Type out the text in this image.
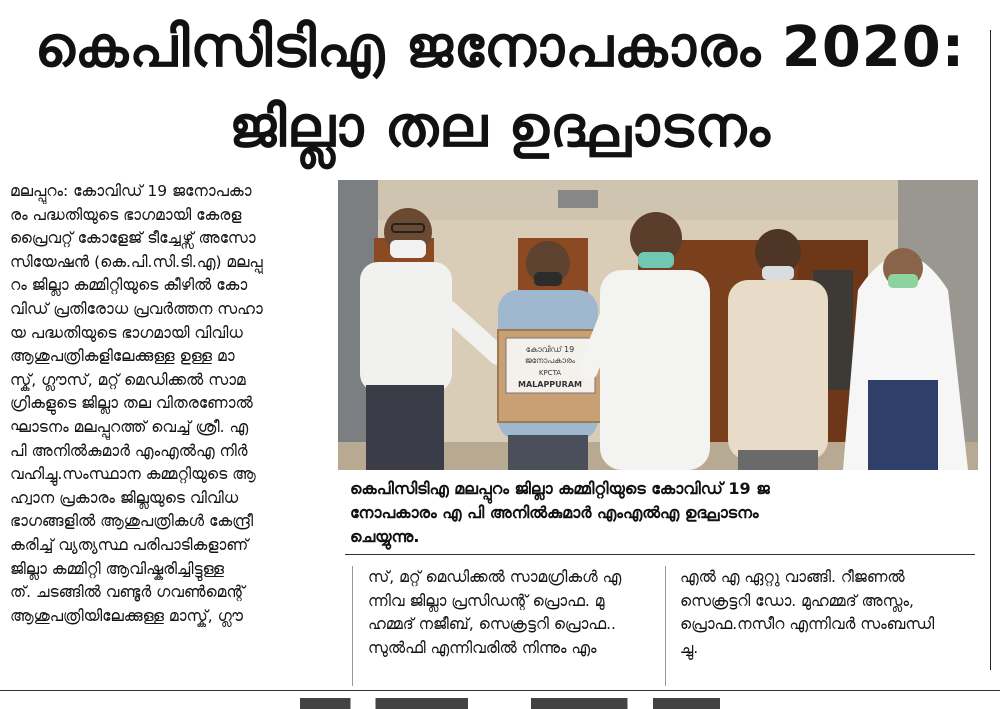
കെപിസിടിഎ ജനോപകാരം 2020:
ജില്ലാ തല ഉദ്ഘാടനം
മലപ്പുറം: കോവിഡ് 19 ജനോപകാ
രം പദ്ധതിയുടെ ഭാഗമായി കേരള
പ്രൈവറ്റ് കോളേജ് ടീച്ചേഴ്സ് അസോ
സിയേഷൻ (കെ.പി.സി.ടി.എ) മലപ്പു
റം ജില്ലാ കമ്മിറ്റിയുടെ കീഴിൽ കോ
വിഡ് പ്രതിരോധ പ്രവർത്തന സഹാ
യ പദ്ധതിയുടെ ഭാഗമായി വിവിധ
ആശുപത്രികളിലേക്കുള്ള ഉള്ള മാ
സ്ക്, ഗ്ലൗസ്, മറ്റ് മെഡിക്കൽ സാമ
ഗ്രികളുടെ ജില്ലാ തല വിതരണോൽ
ഘാടനം മലപ്പുറത്ത് വെച്ച് ശ്രീ. എ
പി അനിൽകുമാർ എംഎൽഎ നിർ
വഹിച്ചു.സംസ്ഥാന കമ്മറ്റിയുടെ ആ
ഹ്വാന പ്രകാരം ജില്ലയുടെ വിവിധ
ഭാഗങ്ങളിൽ ആശുപത്രികൾ കേന്ദ്രീ
കരിച്ച് വ്യത്യസ്ഥ പരിപാടികളാണ്
ജില്ലാ കമ്മിറ്റി ആവിഷ്കരിച്ചിട്ടുള്ള
ത്. ചടങ്ങിൽ വണ്ടൂർ ഗവൺമെന്റ്
ആശുപത്രിയിലേക്കുള്ള മാസ്ക്, ഗ്ലൗ
കോവിഡ് 19
ജനോപകാരം
KPCTA
MALAPPURAM
കെപിസിടിഎ മലപ്പുറം ജില്ലാ കമ്മിറ്റിയുടെ കോവിഡ് 19 ജ
നോപകാരം എ പി അനിൽകുമാർ എംഎൽഎ ഉദ്ഘാടനം
ചെയ്യുന്നു.
സ്, മറ്റ് മെഡിക്കൽ സാമഗ്രികൾ എ
ന്നിവ ജില്ലാ പ്രസിഡന്റ് പ്രൊഫ. മു
ഹമ്മദ് നജീബ്, സെക്രട്ടറി പ്രൊഫ..
സുൽഫി എന്നിവരിൽ നിന്നും എം
എൽ എ ഏറ്റു വാങ്ങി. റീജണൽ
സെക്രട്ടറി ഡോ. മുഹമ്മദ് അസ്ലം,
പ്രൊഫ.നസീറ എന്നിവർ സംബന്ധി
ച്ചു.
